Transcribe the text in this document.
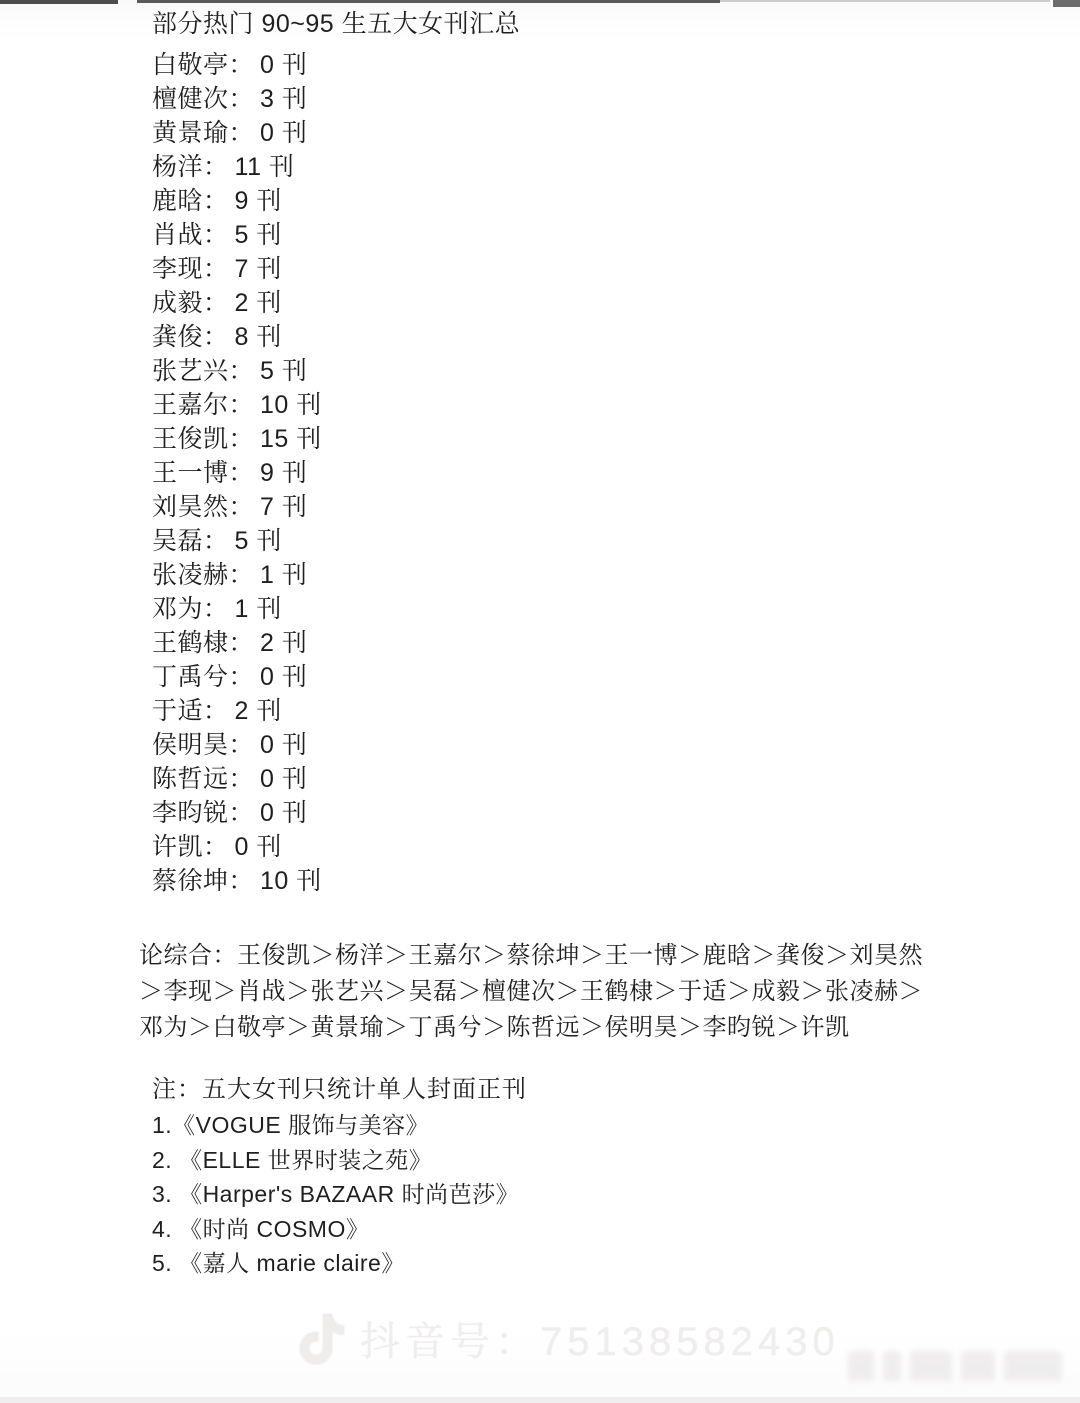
部分热门 90~95 生五大女刊汇总
白敬亭： 0 刊
檀健次： 3 刊
黄景瑜： 0 刊
杨洋： 11 刊
鹿晗： 9 刊
肖战： 5 刊
李现： 7 刊
成毅： 2 刊
龚俊： 8 刊
张艺兴： 5 刊
王嘉尔： 10 刊
王俊凯： 15 刊
王一博： 9 刊
刘昊然： 7 刊
吴磊： 5 刊
张凌赫： 1 刊
邓为： 1 刊
王鹤棣： 2 刊
丁禹兮： 0 刊
于适： 2 刊
侯明昊： 0 刊
陈哲远： 0 刊
李昀锐： 0 刊
许凯： 0 刊
蔡徐坤： 10 刊

论综合：王俊凯＞杨洋＞王嘉尔＞蔡徐坤＞王一博＞鹿晗＞龚俊＞刘昊然＞李现＞肖战＞张艺兴＞吴磊＞檀健次＞王鹤棣＞于适＞成毅＞张凌赫＞邓为＞白敬亭＞黄景瑜＞丁禹兮＞陈哲远＞侯明昊＞李昀锐＞许凯

注：五大女刊只统计单人封面正刊

1.《VOGUE 服饰与美容》
2. 《ELLE 世界时装之苑》
3. 《Harper's BAZAAR 时尚芭莎》
4. 《时尚 COSMO》
5. 《嘉人 marie claire》
抖音号：75138582430
